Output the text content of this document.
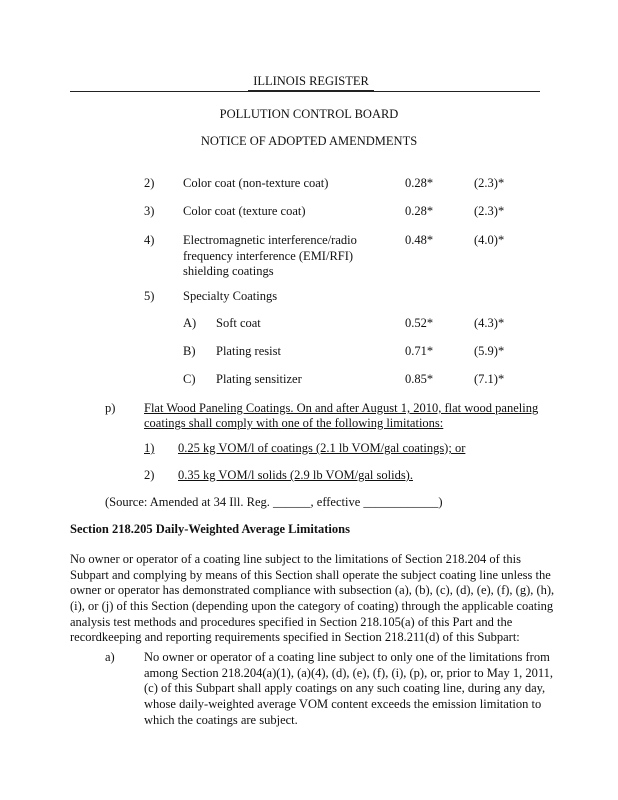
ILLINOIS REGISTER
POLLUTION CONTROL BOARD
NOTICE OF ADOPTED AMENDMENTS
2) Color coat (non-texture coat)	0.28*	(2.3)*
3) Color coat (texture coat)	0.28*	(2.3)*
4) Electromagnetic interference/radio
frequency interference (EMI/RFI)
shielding coatings
0.48*	(4.0)*
5) Specialty Coatings
A) Soft coat	0.52*	(4.3)*
B) Plating resist	0.71*	(5.9)*
C) Plating sensitizer	0.85*	(7.1)*
p) Flat Wood Paneling Coatings. On and after August 1, 2010, flat wood paneling
coatings shall comply with one of the following limitations:
1) 0.25 kg VOM/l of coatings (2.1 lb VOM/gal coatings); or
2) 0.35 kg VOM/l solids (2.9 lb VOM/gal solids).
(Source: Amended at 34 Ill. Reg. ______, effective ____________)
Section 218.205 Daily-Weighted Average Limitations
No owner or operator of a coating line subject to the limitations of Section 218.204 of this
Subpart and complying by means of this Section shall operate the subject coating line unless the
owner or operator has demonstrated compliance with subsection (a), (b), (c), (d), (e), (f), (g), (h),
(i), or (j) of this Section (depending upon the category of coating) through the applicable coating
analysis test methods and procedures specified in Section 218.105(a) of this Part and the
recordkeeping and reporting requirements specified in Section 218.211(d) of this Subpart:
a) No owner or operator of a coating line subject to only one of the limitations from
among Section 218.204(a)(1), (a)(4), (d), (e), (f), (i), (p), or, prior to May 1, 2011,
(c) of this Subpart shall apply coatings on any such coating line, during any day,
whose daily-weighted average VOM content exceeds the emission limitation to
which the coatings are subject.
